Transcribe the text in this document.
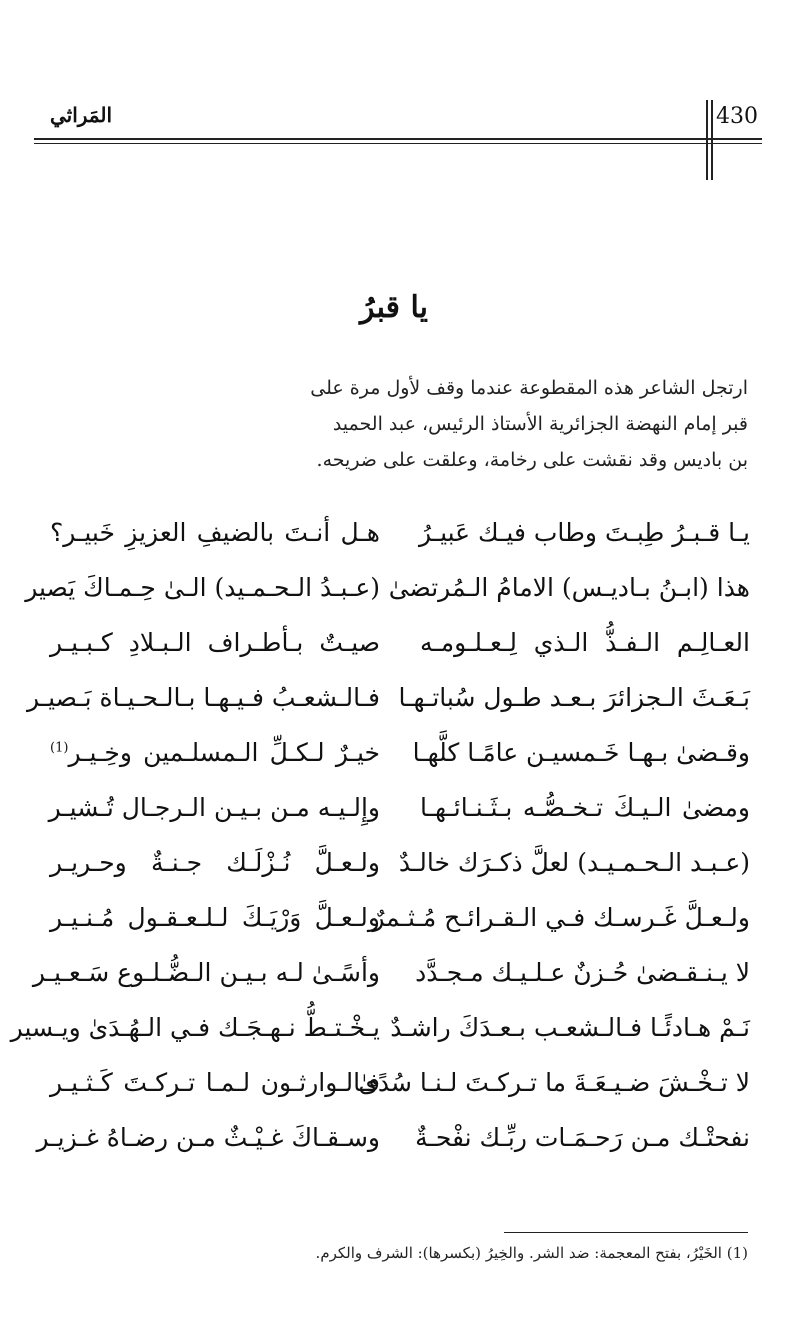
430
المَراثي
يا قبرُ
ارتجل الشاعر هذه المقطوعة عندما وقف لأول مرة على
قبر إمام النهضة الجزائرية الأستاذ الرئيس، عبد الحميد
بن باديس وقد نقشت على رخامة، وعلقت على ضريحه.
يـا قـبـرُ طِبـتَ وطاب فيـك عَبيـرُ
هـل أنـتَ بالضيفِ العزيزِ خَبيـر؟
هذا (ابـنُ بـاديـس) الامامُ الـمُرتضىٰ
(عـبـدُ الـحـمـيد) الـىٰ حِـمـاكَ يَصير
العـالِـم الـفـذُّ الـذي لِـعـلـومـه
صيـتٌ بـأطـراف الـبـلادِ كـبـيـر
بَـعَـثَ الـجزائرَ بـعـد طـول سُباتـهـا
فـالـشعـبُ فـيـهـا بـالـحـيـاة بَـصيـر
وقـضىٰ بـهـا خَـمسيـن عامًـا كلَّهـا
خيـرٌ لـكـلِّ الـمسلـمين وخِـيـر$^{(1)}$
ومضىٰ الـيـكَ تـخـصُّـه بـثَـنـائـهـا
وإِلـيـه مـن بـيـن الـرجـال تُـشيـر
(عـبـد الـحـمـيـد) لعلَّ ذكـرَك خالـدٌ
ولـعـلَّ نُـزْلَـك جـنـةٌ وحـريـر
ولـعـلَّ غَـرسـك فـي الـقـرائـح مُـثـمرٌ
ولـعـلَّ وَرْيَـكَ لـلـعـقـول مُـنـيـر
لا يـنـقـضىٰ حُـزنٌ عـلـيـك مـجـدَّد
وأسًـىٰ لـه بـيـن الـضُّـلـوع سَـعـيـر
نَـمْ هـادئًـا فـالـشعـب بـعـدَكَ راشـدٌ
يـخْـتـطُّ نـهـجَـك فـي الـهُـدَىٰ ويـسير
لا تـخْـشَ ضـيـعَـةَ ما تـركـتَ لـنـا سُدًىٰ
فـالـوارثـون لـمـا تـركـتَ كَـثـيـر
نفحتْـك مـن رَحـمَـات ربِّـك نفْحـةٌ
وسـقـاكَ غـيْـثٌ مـن رضـاهُ غـزيـر
(1) الخَيْرُ، بفتح المعجمة: ضد الشر. والخِيرُ (بكسرها): الشرف والكرم.
